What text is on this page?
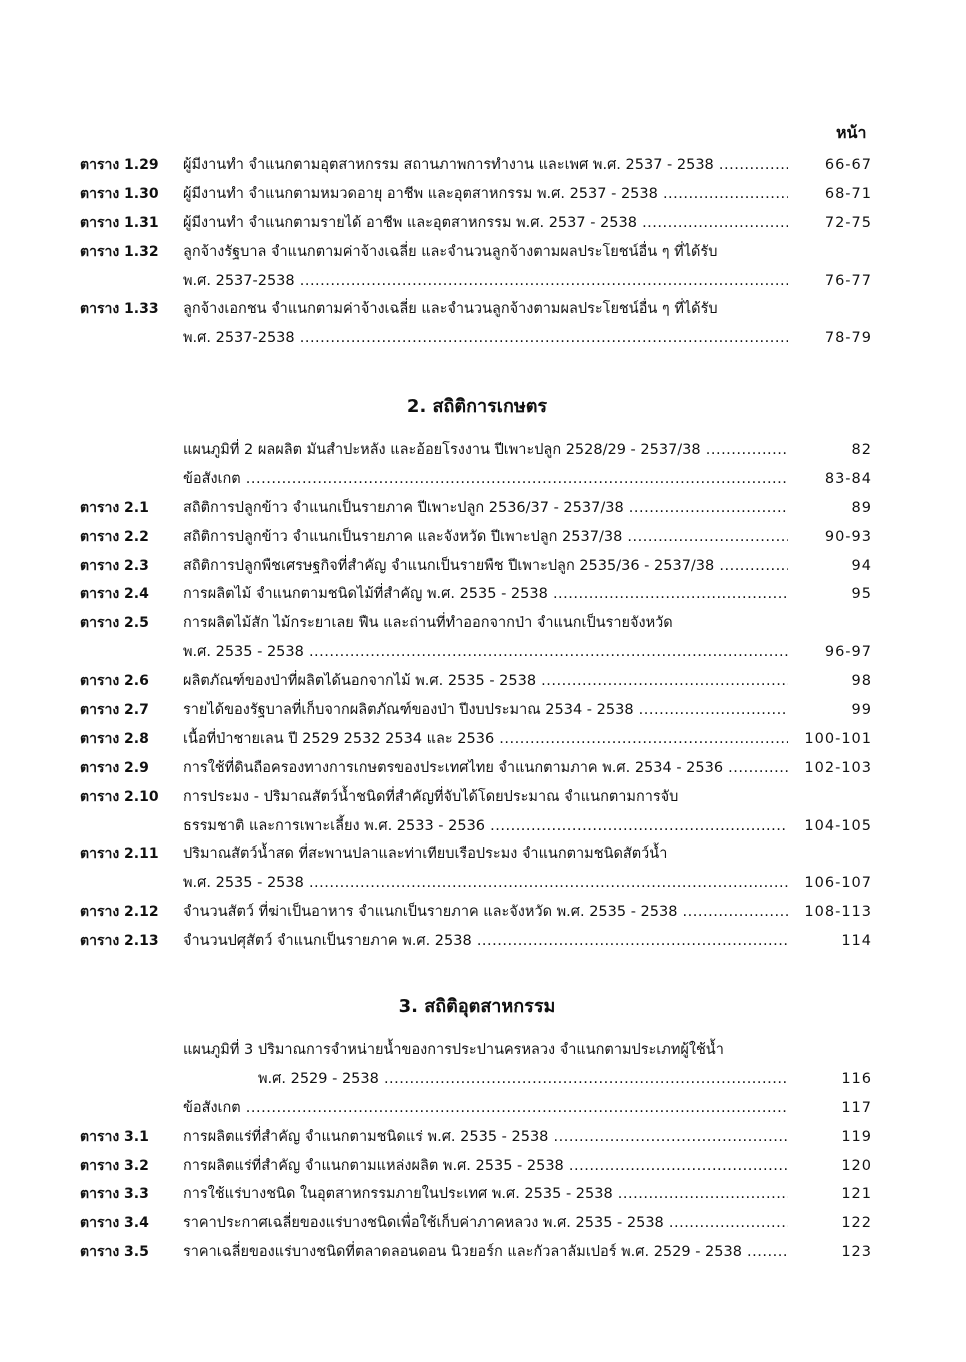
หน้า
ตาราง 1.29 ผู้มีงานทำ จำแนกตามอุตสาหกรรม สถานภาพการทำงาน และเพศ พ.ศ. 2537 - 2538 .....	66-67
ตาราง 1.30 ผู้มีงานทำ จำแนกตามหมวดอายุ อาชีพ และอุตสาหกรรม พ.ศ. 2537 - 2538 .....	68-71
ตาราง 1.31 ผู้มีงานทำ จำแนกตามรายได้ อาชีพ และอุตสาหกรรม พ.ศ. 2537 - 2538 .....	72-75
ตาราง 1.32 ลูกจ้างรัฐบาล จำแนกตามค่าจ้างเฉลี่ย และจำนวนลูกจ้างตามผลประโยชน์อื่น ๆ ที่ได้รับ
พ.ศ. 2537-2538 .....	76-77
ตาราง 1.33 ลูกจ้างเอกชน จำแนกตามค่าจ้างเฉลี่ย และจำนวนลูกจ้างตามผลประโยชน์อื่น ๆ ที่ได้รับ
พ.ศ. 2537-2538 .....	78-79
2. สถิติการเกษตร
แผนภูมิที่ 2 ผลผลิต มันสำปะหลัง และอ้อยโรงงาน ปีเพาะปลูก 2528/29 - 2537/38 .....	82
ข้อสังเกต .....	83-84
ตาราง 2.1 สถิติการปลูกข้าว จำแนกเป็นรายภาค ปีเพาะปลูก 2536/37 - 2537/38 .....	89
ตาราง 2.2 สถิติการปลูกข้าว จำแนกเป็นรายภาค และจังหวัด ปีเพาะปลูก 2537/38 .....	90-93
ตาราง 2.3 สถิติการปลูกพืชเศรษฐกิจที่สำคัญ จำแนกเป็นรายพืช ปีเพาะปลูก 2535/36 - 2537/38 .....	94
ตาราง 2.4 การผลิตไม้ จำแนกตามชนิดไม้ที่สำคัญ พ.ศ. 2535 - 2538 .....	95
ตาราง 2.5 การผลิตไม้สัก ไม้กระยาเลย ฟืน และถ่านที่ทำออกจากป่า จำแนกเป็นรายจังหวัด
พ.ศ. 2535 - 2538 .....	96-97
ตาราง 2.6 ผลิตภัณฑ์ของป่าที่ผลิตได้นอกจากไม้ พ.ศ. 2535 - 2538 .....	98
ตาราง 2.7 รายได้ของรัฐบาลที่เก็บจากผลิตภัณฑ์ของป่า ปีงบประมาณ 2534 - 2538 .....	99
ตาราง 2.8 เนื้อที่ป่าชายเลน ปี 2529 2532 2534 และ 2536 .....	100-101
ตาราง 2.9 การใช้ที่ดินถือครองทางการเกษตรของประเทศไทย จำแนกตามภาค พ.ศ. 2534 - 2536 .....	102-103
ตาราง 2.10 การประมง - ปริมาณสัตว์น้ำชนิดที่สำคัญที่จับได้โดยประมาณ จำแนกตามการจับ
ธรรมชาติ และการเพาะเลี้ยง พ.ศ. 2533 - 2536 .....	104-105
ตาราง 2.11 ปริมาณสัตว์น้ำสด ที่สะพานปลาและท่าเทียบเรือประมง จำแนกตามชนิดสัตว์น้ำ
พ.ศ. 2535 - 2538 .....	106-107
ตาราง 2.12 จำนวนสัตว์ ที่ฆ่าเป็นอาหาร จำแนกเป็นรายภาค และจังหวัด พ.ศ. 2535 - 2538 .....	108-113
ตาราง 2.13 จำนวนปศุสัตว์ จำแนกเป็นรายภาค พ.ศ. 2538 .....	114
3. สถิติอุตสาหกรรม
แผนภูมิที่ 3 ปริมาณการจำหน่ายน้ำของการประปานครหลวง จำแนกตามประเภทผู้ใช้น้ำ
พ.ศ. 2529 - 2538 .....	116
ข้อสังเกต .....	117
ตาราง 3.1 การผลิตแร่ที่สำคัญ จำแนกตามชนิดแร่ พ.ศ. 2535 - 2538 .....	119
ตาราง 3.2 การผลิตแร่ที่สำคัญ จำแนกตามแหล่งผลิต พ.ศ. 2535 - 2538 .....	120
ตาราง 3.3 การใช้แร่บางชนิด ในอุตสาหกรรมภายในประเทศ พ.ศ. 2535 - 2538 .....	121
ตาราง 3.4 ราคาประกาศเฉลี่ยของแร่บางชนิดเพื่อใช้เก็บค่าภาคหลวง พ.ศ. 2535 - 2538 .....	122
ตาราง 3.5 ราคาเฉลี่ยของแร่บางชนิดที่ตลาดลอนดอน นิวยอร์ก และกัวลาลัมเปอร์ พ.ศ. 2529 - 2538 .....	123
